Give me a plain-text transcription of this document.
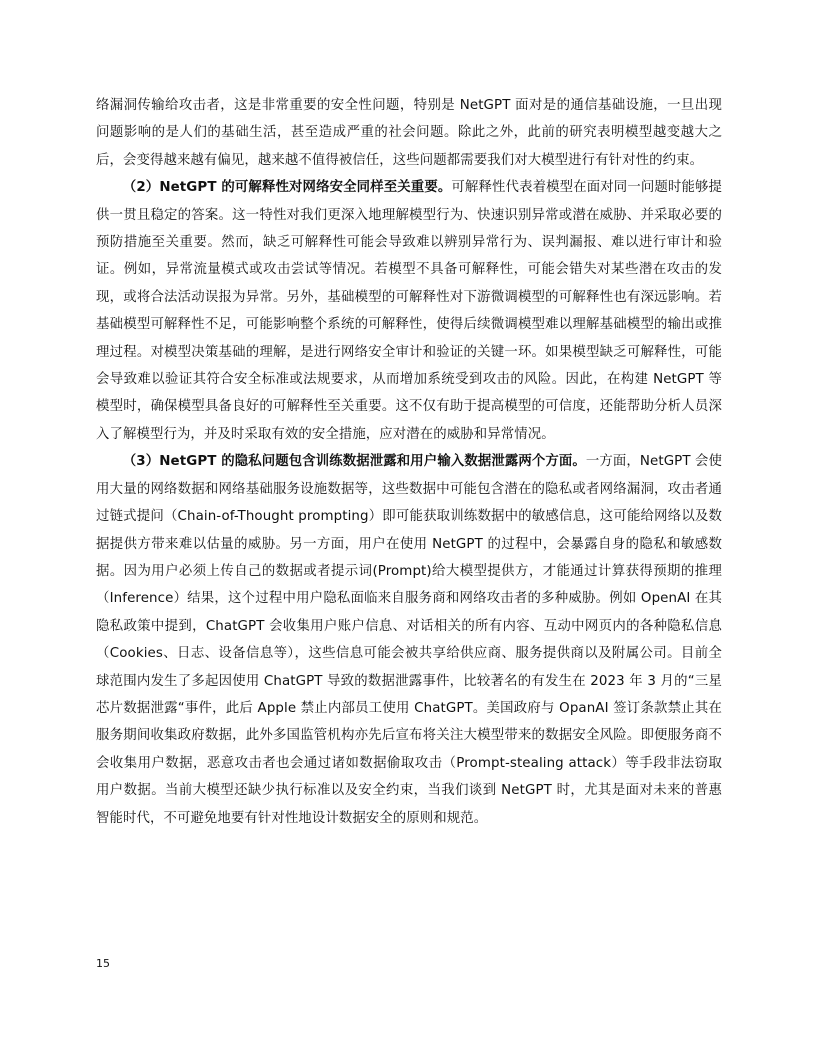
络漏洞传输给攻击者，这是非常重要的安全性问题，特别是 NetGPT 面对是的通信基础设施，一旦出现问题影响的是人们的基础生活，甚至造成严重的社会问题。除此之外，此前的研究表明模型越变越大之后，会变得越来越有偏见，越来越不值得被信任，这些问题都需要我们对大模型进行有针对性的约束。

（2）NetGPT 的可解释性对网络安全同样至关重要。可解释性代表着模型在面对同一问题时能够提供一贯且稳定的答案。这一特性对我们更深入地理解模型行为、快速识别异常或潜在威胁、并采取必要的预防措施至关重要。然而，缺乏可解释性可能会导致难以辨别异常行为、误判漏报、难以进行审计和验证。例如，异常流量模式或攻击尝试等情况。若模型不具备可解释性，可能会错失对某些潜在攻击的发现，或将合法活动误报为异常。另外，基础模型的可解释性对下游微调模型的可解释性也有深远影响。若基础模型可解释性不足，可能影响整个系统的可解释性，使得后续微调模型难以理解基础模型的输出或推理过程。对模型决策基础的理解，是进行网络安全审计和验证的关键一环。如果模型缺乏可解释性，可能会导致难以验证其符合安全标准或法规要求，从而增加系统受到攻击的风险。因此，在构建 NetGPT 等模型时，确保模型具备良好的可解释性至关重要。这不仅有助于提高模型的可信度，还能帮助分析人员深入了解模型行为，并及时采取有效的安全措施，应对潜在的威胁和异常情况。

（3）NetGPT 的隐私问题包含训练数据泄露和用户输入数据泄露两个方面。一方面，NetGPT 会使用大量的网络数据和网络基础服务设施数据等，这些数据中可能包含潜在的隐私或者网络漏洞，攻击者通过链式提问（Chain-of-Thought prompting）即可能获取训练数据中的敏感信息，这可能给网络以及数据提供方带来难以估量的威胁。另一方面，用户在使用 NetGPT 的过程中，会暴露自身的隐私和敏感数据。因为用户必须上传自己的数据或者提示词(Prompt)给大模型提供方，才能通过计算获得预期的推理（Inference）结果，这个过程中用户隐私面临来自服务商和网络攻击者的多种威胁。例如 OpenAI 在其隐私政策中提到，ChatGPT 会收集用户账户信息、对话相关的所有内容、互动中网页内的各种隐私信息（Cookies、日志、设备信息等），这些信息可能会被共享给供应商、服务提供商以及附属公司。目前全球范围内发生了多起因使用 ChatGPT 导致的数据泄露事件，比较著名的有发生在 2023 年 3 月的“三星芯片数据泄露“事件，此后 Apple 禁止内部员工使用 ChatGPT。美国政府与 OpanAI 签订条款禁止其在服务期间收集政府数据，此外多国监管机构亦先后宣布将关注大模型带来的数据安全风险。即便服务商不会收集用户数据，恶意攻击者也会通过诸如数据偷取攻击（Prompt-stealing attack）等手段非法窃取用户数据。当前大模型还缺少执行标准以及安全约束，当我们谈到 NetGPT 时，尤其是面对未来的普惠智能时代，不可避免地要有针对性地设计数据安全的原则和规范。

15
